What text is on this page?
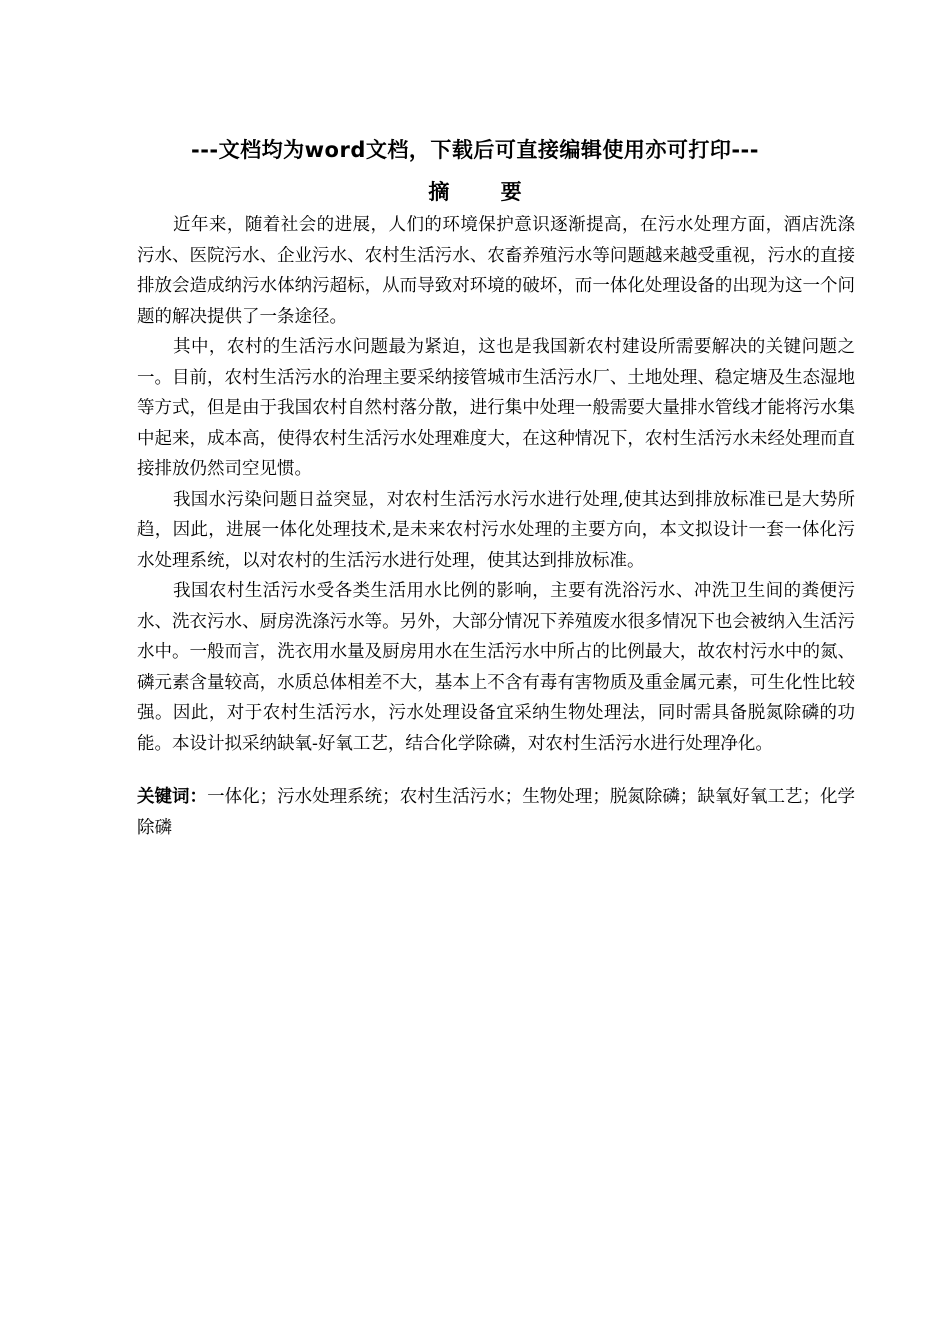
---文档均为word文档，下载后可直接编辑使用亦可打印---
摘 要

近年来，随着社会的进展，人们的环境保护意识逐渐提高，在污水处理方面，酒店洗涤污水、医院污水、企业污水、农村生活污水、农畜养殖污水等问题越来越受重视，污水的直接排放会造成纳污水体纳污超标，从而导致对环境的破坏，而一体化处理设备的出现为这一个问题的解决提供了一条途径。

其中，农村的生活污水问题最为紧迫，这也是我国新农村建设所需要解决的关键问题之一。目前，农村生活污水的治理主要采纳接管城市生活污水厂、土地处理、稳定塘及生态湿地等方式，但是由于我国农村自然村落分散，进行集中处理一般需要大量排水管线才能将污水集中起来，成本高，使得农村生活污水处理难度大，在这种情况下，农村生活污水未经处理而直接排放仍然司空见惯。

我国水污染问题日益突显，对农村生活污水污水进行处理,使其达到排放标准已是大势所趋，因此，进展一体化处理技术,是未来农村污水处理的主要方向，本文拟设计一套一体化污水处理系统，以对农村的生活污水进行处理，使其达到排放标准。

我国农村生活污水受各类生活用水比例的影响，主要有洗浴污水、冲洗卫生间的粪便污水、洗衣污水、厨房洗涤污水等。另外，大部分情况下养殖废水很多情况下也会被纳入生活污水中。一般而言，洗衣用水量及厨房用水在生活污水中所占的比例最大，故农村污水中的氮、磷元素含量较高，水质总体相差不大，基本上不含有毒有害物质及重金属元素，可生化性比较强。因此，对于农村生活污水，污水处理设备宜采纳生物处理法，同时需具备脱氮除磷的功能。本设计拟采纳缺氧-好氧工艺，结合化学除磷，对农村生活污水进行处理净化。

关键词：一体化；污水处理系统；农村生活污水；生物处理；脱氮除磷；缺氧好氧工艺；化学除磷
